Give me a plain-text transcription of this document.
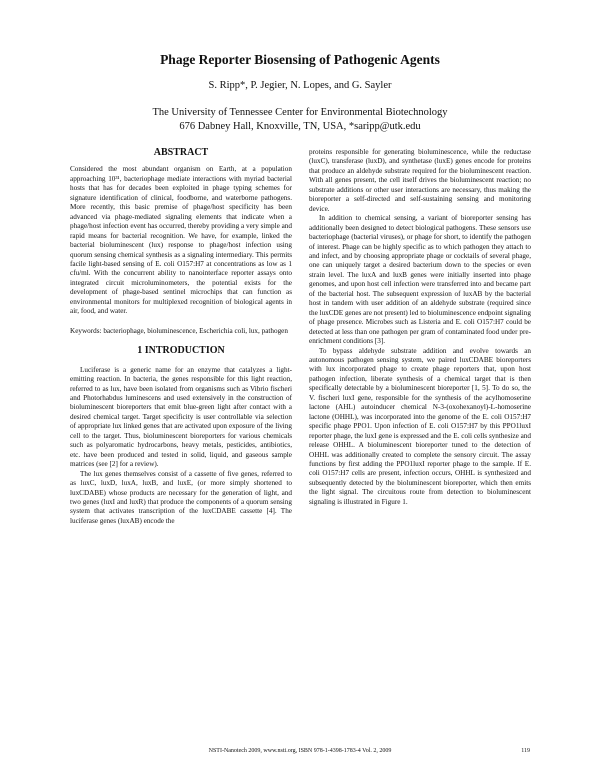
Phage Reporter Biosensing of Pathogenic Agents
S. Ripp*, P. Jegier, N. Lopes, and G. Sayler
The University of Tennessee Center for Environmental Biotechnology
676 Dabney Hall, Knoxville, TN, USA, *saripp@utk.edu
ABSTRACT

Considered the most abundant organism on Earth, at a population approaching 10³¹, bacteriophage mediate interactions with myriad bacterial hosts that has for decades been exploited in phage typing schemes for signature identification of clinical, foodborne, and waterborne pathogens. More recently, this basic premise of phage/host specificity has been advanced via phage-mediated signaling elements that indicate when a phage/host infection event has occurred, thereby providing a very simple and rapid means for bacterial recognition. We have, for example, linked the bacterial bioluminescent (lux) response to phage/host infection using quorum sensing chemical synthesis as a signaling intermediary. This permits facile light-based sensing of E. coli O157:H7 at concentrations as low as 1 cfu/ml. With the concurrent ability to nanointerface reporter assays onto integrated circuit microluminometers, the potential exists for the development of phage-based sentinel microchips that can function as environmental monitors for multiplexed recognition of biological agents in air, food, and water.

Keywords: bacteriophage, bioluminescence, Escherichia coli, lux, pathogen

1 INTRODUCTION

Luciferase is a generic name for an enzyme that catalyzes a light-emitting reaction. In bacteria, the genes responsible for this light reaction, referred to as lux, have been isolated from organisms such as Vibrio fischeri and Photorhabdus luminescens and used extensively in the construction of bioluminescent bioreporters that emit blue-green light after contact with a desired chemical target. Target specificity is user controllable via selection of appropriate lux linked genes that are activated upon exposure of the living cell to the target. Thus, bioluminescent bioreporters for various chemicals such as polyaromatic hydrocarbons, heavy metals, pesticides, antibiotics, etc. have been produced and tested in solid, liquid, and gaseous sample matrices (see [2] for a review).

The lux genes themselves consist of a cassette of five genes, referred to as luxC, luxD, luxA, luxB, and luxE, (or more simply shortened to luxCDABE) whose products are necessary for the generation of light, and two genes (luxI and luxR) that produce the components of a quorum sensing system that activates transcription of the luxCDABE cassette [4]. The luciferase genes (luxAB) encode the

proteins responsible for generating bioluminescence, while the reductase (luxC), transferase (luxD), and synthetase (luxE) genes encode for proteins that produce an aldehyde substrate required for the bioluminescent reaction. With all genes present, the cell itself drives the bioluminescent reaction; no substrate additions or other user interactions are necessary, thus making the bioreporter a self-directed and self-sustaining sensing and monitoring device.

In addition to chemical sensing, a variant of bioreporter sensing has additionally been designed to detect biological pathogens. These sensors use bacteriophage (bacterial viruses), or phage for short, to identify the pathogen of interest. Phage can be highly specific as to which pathogen they attach to and infect, and by choosing appropriate phage or cocktails of several phage, one can uniquely target a desired bacterium down to the species or even strain level. The luxA and luxB genes were initially inserted into phage genomes, and upon host cell infection were transferred into and became part of the bacterial host. The subsequent expression of luxAB by the bacterial host in tandem with user addition of an aldehyde substrate (required since the luxCDE genes are not present) led to bioluminescence endpoint signaling of phage presence. Microbes such as Listeria and E. coli O157:H7 could be detected at less than one pathogen per gram of contaminated food under pre-enrichment conditions [3].

To bypass aldehyde substrate addition and evolve towards an autonomous pathogen sensing system, we paired luxCDABE bioreporters with lux incorporated phage to create phage reporters that, upon host pathogen infection, liberate synthesis of a chemical target that is then specifically detectable by a bioluminescent bioreporter [1, 5]. To do so, the V. fischeri luxI gene, responsible for the synthesis of the acylhomoserine lactone (AHL) autoinducer chemical N-3-(oxohexanoyl)-L-homoserine lactone (OHHL), was incorporated into the genome of the E. coli O157:H7 specific phage PPO1. Upon infection of E. coli O157:H7 by this PPO1luxI reporter phage, the luxI gene is expressed and the E. coli cells synthesize and release OHHL. A bioluminescent bioreporter tuned to the detection of OHHL was additionally created to complete the sensory circuit. The assay functions by first adding the PPO1luxI reporter phage to the sample. If E. coli O157:H7 cells are present, infection occurs, OHHL is synthesized and subsequently detected by the bioluminescent bioreporter, which then emits the light signal. The circuitous route from detection to bioluminescent signaling is illustrated in Figure 1.

NSTI-Nanotech 2009, www.nsti.org, ISBN 978-1-4398-1783-4 Vol. 2, 2009	119
